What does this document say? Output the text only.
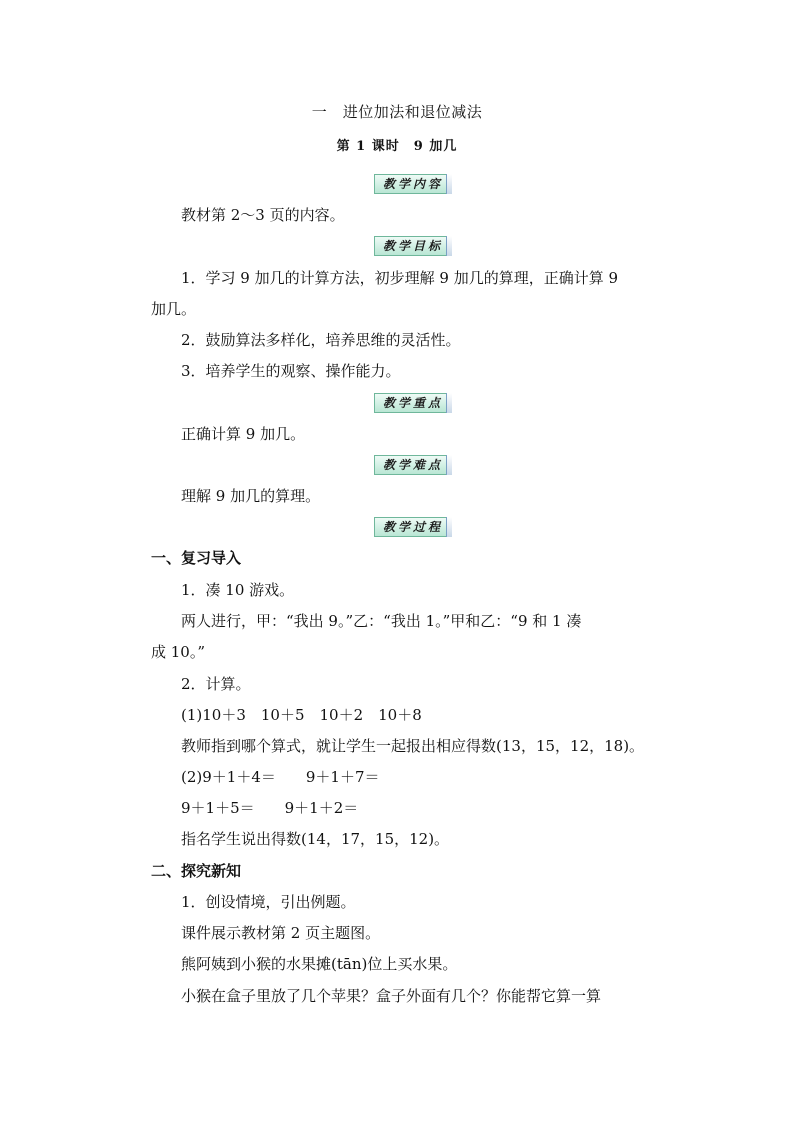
一　进位加法和退位减法
第 1 课时　9 加几
教学内容
教材第 2～3 页的内容。
教学目标
1．学习 9 加几的计算方法，初步理解 9 加几的算理，正确计算 9
加几。
2．鼓励算法多样化，培养思维的灵活性。
3．培养学生的观察、操作能力。
教学重点
正确计算 9 加几。
教学难点
理解 9 加几的算理。
教学过程
一、复习导入
1．凑 10 游戏。
两人进行，甲：“我出 9。”乙：“我出 1。”甲和乙：“9 和 1 凑
成 10。”
2．计算。
(1)10＋3　10＋5　10＋2　10＋8
教师指到哪个算式，就让学生一起报出相应得数(13，15，12，18)。
(2)9＋1＋4＝　　9＋1＋7＝
9＋1＋5＝　　9＋1＋2＝
指名学生说出得数(14，17，15，12)。
二、探究新知
1．创设情境，引出例题。
课件展示教材第 2 页主题图。
熊阿姨到小猴的水果摊(tān)位上买水果。
小猴在盒子里放了几个苹果？盒子外面有几个？你能帮它算一算
